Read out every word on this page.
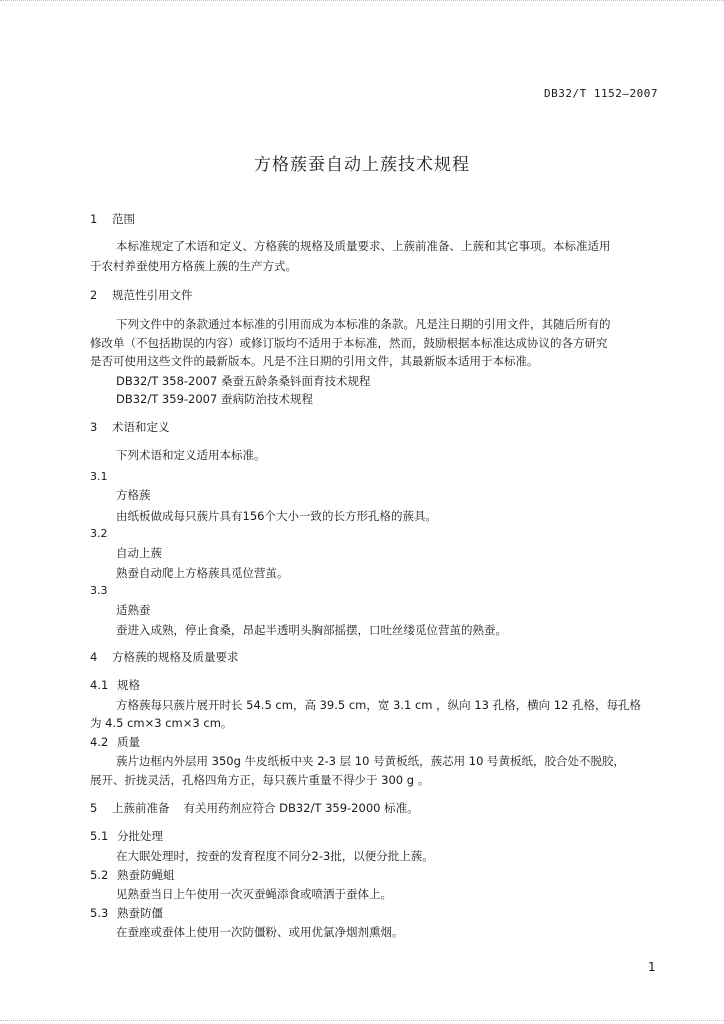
DB32/T 1152—2007
方格蔟蚕自动上蔟技术规程
1 范围
本标准规定了术语和定义、方格蔟的规格及质量要求、上蔟前准备、上蔟和其它事项。本标准适用
于农村养蚕使用方格蔟上蔟的生产方式。
2 规范性引用文件
下列文件中的条款通过本标准的引用而成为本标准的条款。凡是注日期的引用文件，其随后所有的
修改单（不包括勘误的内容）或修订版均不适用于本标准，然而，鼓励根据本标准达成协议的各方研究
是否可使用这些文件的最新版本。凡是不注日期的引用文件，其最新版本适用于本标准。
DB32/T 358-2007 桑蚕五龄条桑钭面育技术规程
DB32/T 359-2007 蚕病防治技术规程
3 术语和定义
下列术语和定义适用本标准。
3.1
方格蔟
由纸板做成每只蔟片具有156个大小一致的长方形孔格的蔟具。
3.2
自动上蔟
熟蚕自动爬上方格蔟具觅位营茧。
3.3
适熟蚕
蚕进入成熟，停止食桑，昂起半透明头胸部摇摆，口吐丝缕觅位营茧的熟蚕。
4 方格蔟的规格及质量要求
4.1 规格
方格蔟每只蔟片展开时长 54.5 cm，高 39.5 cm，宽 3.1 cm ，纵向 13 孔格，横向 12 孔格，每孔格
为 4.5 cm×3 cm×3 cm。
4.2 质量
蔟片边框内外层用 350g 牛皮纸板中夹 2-3 层 10 号黄板纸，蔟芯用 10 号黄板纸，胶合处不脱胶，
展开、折拢灵活，孔格四角方正，每只蔟片重量不得少于 300 g 。
5 上蔟前准备 有关用药剂应符合 DB32/T 359-2000 标准。
5.1 分批处理
在大眠处理时，按蚕的发育程度不同分2-3批，以便分批上蔟。
5.2 熟蚕防蝇蛆
见熟蚕当日上午使用一次灭蚕蝇添食或喷洒于蚕体上。
5.3 熟蚕防僵
在蚕座或蚕体上使用一次防僵粉、或用优氯净烟剂熏烟。
1
